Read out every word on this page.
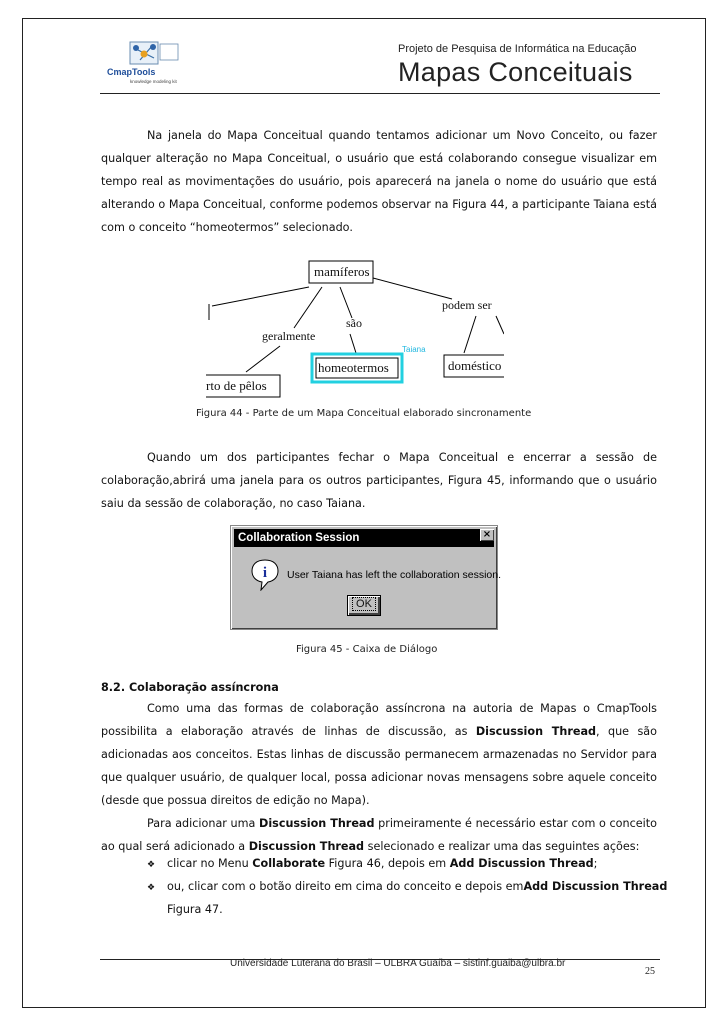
CmapTools
knowledge modeling kit
Projeto de Pesquisa de Informática na Educação
Mapas Conceituais

Na janela do Mapa Conceitual quando tentamos adicionar um Novo Conceito, ou fazer qualquer alteração no Mapa Conceitual, o usuário que está colaborando consegue visualizar em tempo real as movimentações do usuário, pois aparecerá na janela o nome do usuário que está alterando o Mapa Conceitual, conforme podemos observar na Figura 44, a participante Taiana está com o conceito “homeotermos” selecionado.

mamíferos
são
podem ser
geralmente
Taiana
homeotermos	doméstico
rto de pêlos
Figura 44 - Parte de um Mapa Conceitual elaborado sincronamente

Quando um dos participantes fechar o Mapa Conceitual e encerrar a sessão de colaboração,abrirá uma janela para os outros participantes, Figura 45, informando que o usuário saiu da sessão de colaboração, no caso Taiana.

Collaboration Session	×
i User Taiana has left the collaboration session.
OK
Figura 45 - Caixa de Diálogo
8.2. Colaboração assíncrona

Como uma das formas de colaboração assíncrona na autoria de Mapas o CmapTools possibilita a elaboração através de linhas de discussão, as Discussion Thread, que são adicionadas aos conceitos. Estas linhas de discussão permanecem armazenadas no Servidor para que qualquer usuário, de qualquer local, possa adicionar novas mensagens sobre aquele conceito (desde que possua direitos de edição no Mapa).

Para adicionar uma Discussion Thread primeiramente é necessário estar com o conceito ao qual será adicionado a Discussion Thread selecionado e realizar uma das seguintes ações:

❖ clicar no Menu Collaborate Figura 46, depois em Add Discussion Thread;
❖ ou, clicar com o botão direito em cima do conceito e depois em Add Discussion Thread
Figura 47.
Universidade Luterana do Brasil – ULBRA Guaíba – sistinf.guaiba@ulbra.br
25
